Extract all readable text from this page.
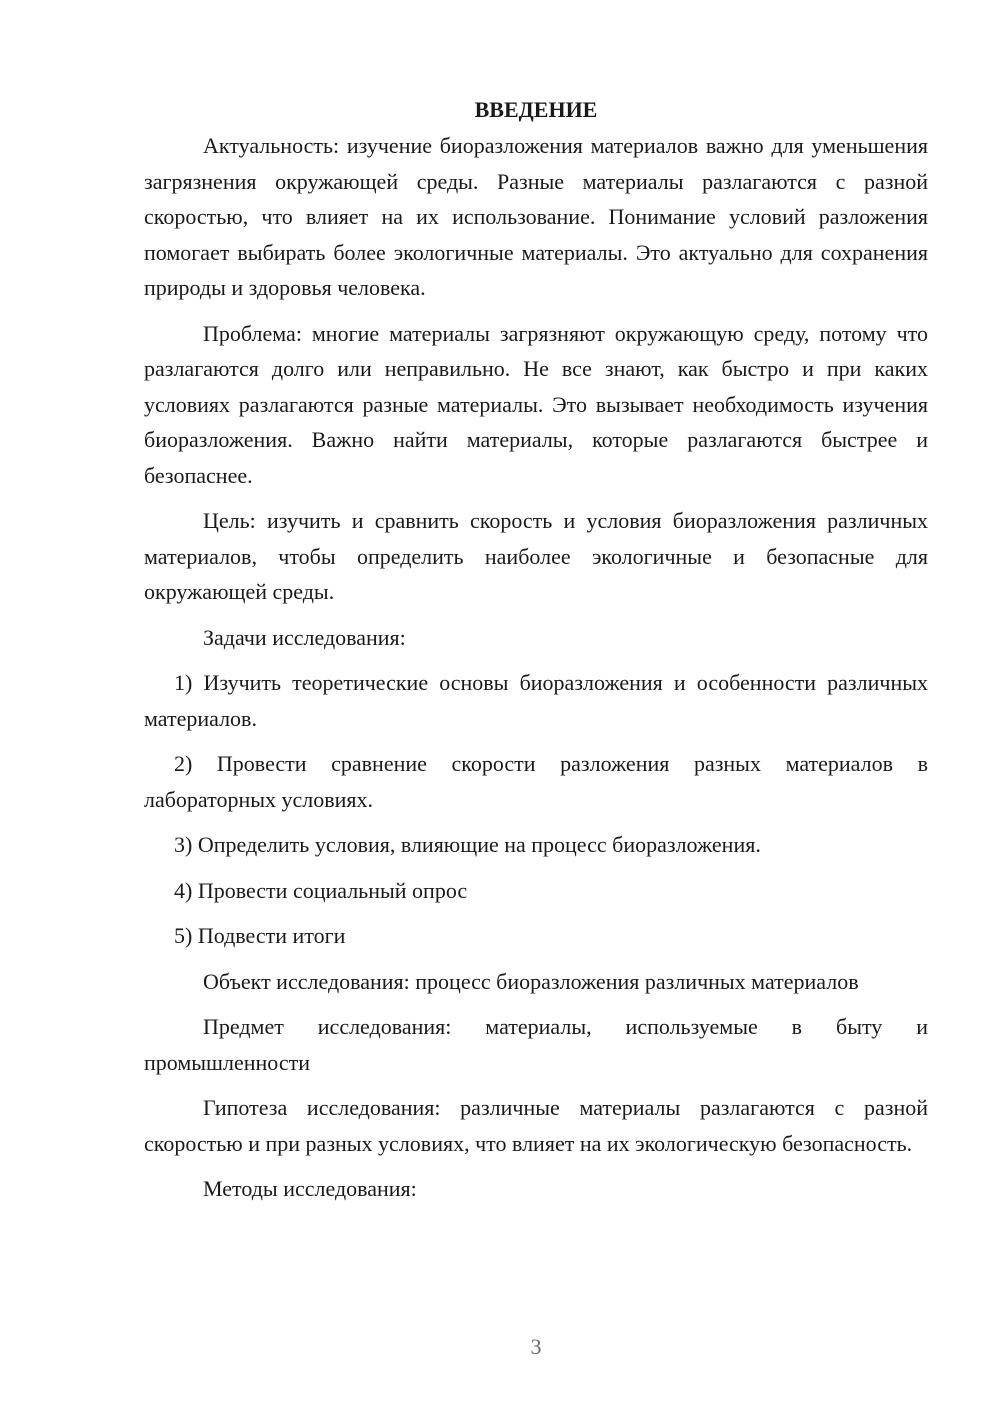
ВВЕДЕНИЕ

Актуальность: изучение биоразложения материалов важно для уменьшения загрязнения окружающей среды. Разные материалы разлагаются с разной скоростью, что влияет на их использование. Понимание условий разложения помогает выбирать более экологичные материалы. Это актуально для сохранения природы и здоровья человека.

Проблема: многие материалы загрязняют окружающую среду, потому что разлагаются долго или неправильно. Не все знают, как быстро и при каких условиях разлагаются разные материалы. Это вызывает необходимость изучения биоразложения. Важно найти материалы, которые разлагаются быстрее и безопаснее.

Цель: изучить и сравнить скорость и условия биоразложения различных материалов, чтобы определить наиболее экологичные и безопасные для окружающей среды.

Задачи исследования:

1) Изучить теоретические основы биоразложения и особенности различных материалов.

2) Провести сравнение скорости разложения разных материалов в лабораторных условиях.

3) Определить условия, влияющие на процесс биоразложения.

4) Провести социальный опрос

5) Подвести итоги

Объект исследования: процесс биоразложения различных материалов

Предмет исследования: материалы, используемые в быту и промышленности

Гипотеза исследования: различные материалы разлагаются с разной скоростью и при разных условиях, что влияет на их экологическую безопасность.

Методы исследования:

3
